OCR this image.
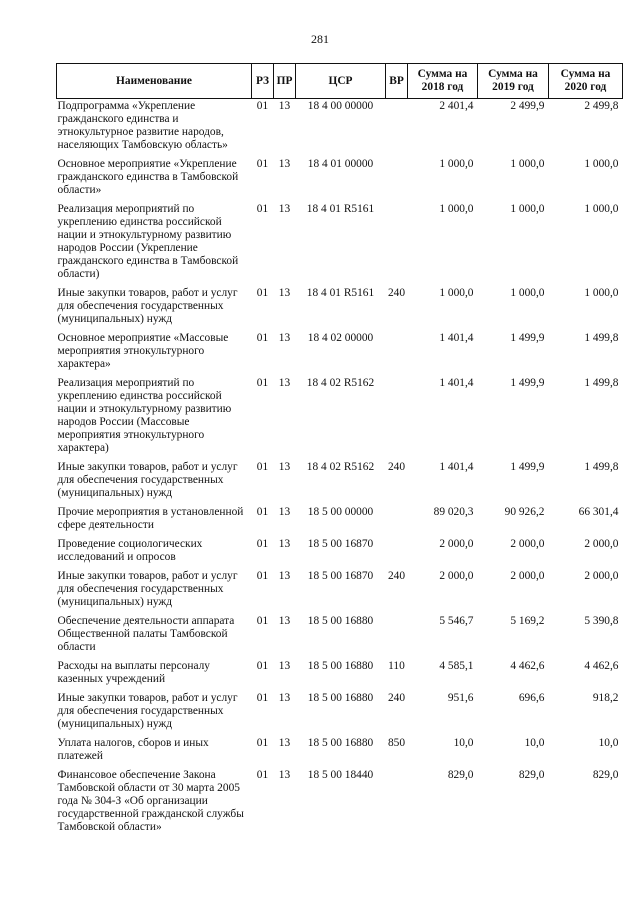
281
Наименование	РЗ	ПР	ЦСР	ВР	Сумма на 2018 год	Сумма на 2019 год	Сумма на 2020 год
Подпрограмма «Укрепление гражданского единства и этнокультурное развитие народов, населяющих Тамбовскую область»	01	13	18 4 00 00000		2 401,4	2 499,9	2 499,8
Основное мероприятие «Укрепление гражданского единства в Тамбовской области»	01	13	18 4 01 00000		1 000,0	1 000,0	1 000,0
Реализация мероприятий по укреплению единства российской нации и этнокультурному развитию народов России (Укрепление гражданского единства в Тамбовской области)	01	13	18 4 01 R5161		1 000,0	1 000,0	1 000,0
Иные закупки товаров, работ и услуг для обеспечения государственных (муниципальных) нужд	01	13	18 4 01 R5161	240	1 000,0	1 000,0	1 000,0
Основное мероприятие «Массовые мероприятия этнокультурного характера»	01	13	18 4 02 00000		1 401,4	1 499,9	1 499,8
Реализация мероприятий по укреплению единства российской нации и этнокультурному развитию народов России (Массовые мероприятия этнокультурного характера)	01	13	18 4 02 R5162		1 401,4	1 499,9	1 499,8
Иные закупки товаров, работ и услуг для обеспечения государственных (муниципальных) нужд	01	13	18 4 02 R5162	240	1 401,4	1 499,9	1 499,8
Прочие мероприятия в установленной сфере деятельности	01	13	18 5 00 00000		89 020,3	90 926,2	66 301,4
Проведение социологических исследований и опросов	01	13	18 5 00 16870		2 000,0	2 000,0	2 000,0
Иные закупки товаров, работ и услуг для обеспечения государственных (муниципальных) нужд	01	13	18 5 00 16870	240	2 000,0	2 000,0	2 000,0
Обеспечение деятельности аппарата Общественной палаты Тамбовской области	01	13	18 5 00 16880		5 546,7	5 169,2	5 390,8
Расходы на выплаты персоналу казенных учреждений	01	13	18 5 00 16880	110	4 585,1	4 462,6	4 462,6
Иные закупки товаров, работ и услуг для обеспечения государственных (муниципальных) нужд	01	13	18 5 00 16880	240	951,6	696,6	918,2
Уплата налогов, сборов и иных платежей	01	13	18 5 00 16880	850	10,0	10,0	10,0
Финансовое обеспечение Закона Тамбовской области от 30 марта 2005 года № 304-З «Об организации государственной гражданской службы Тамбовской области»	01	13	18 5 00 18440		829,0	829,0	829,0
